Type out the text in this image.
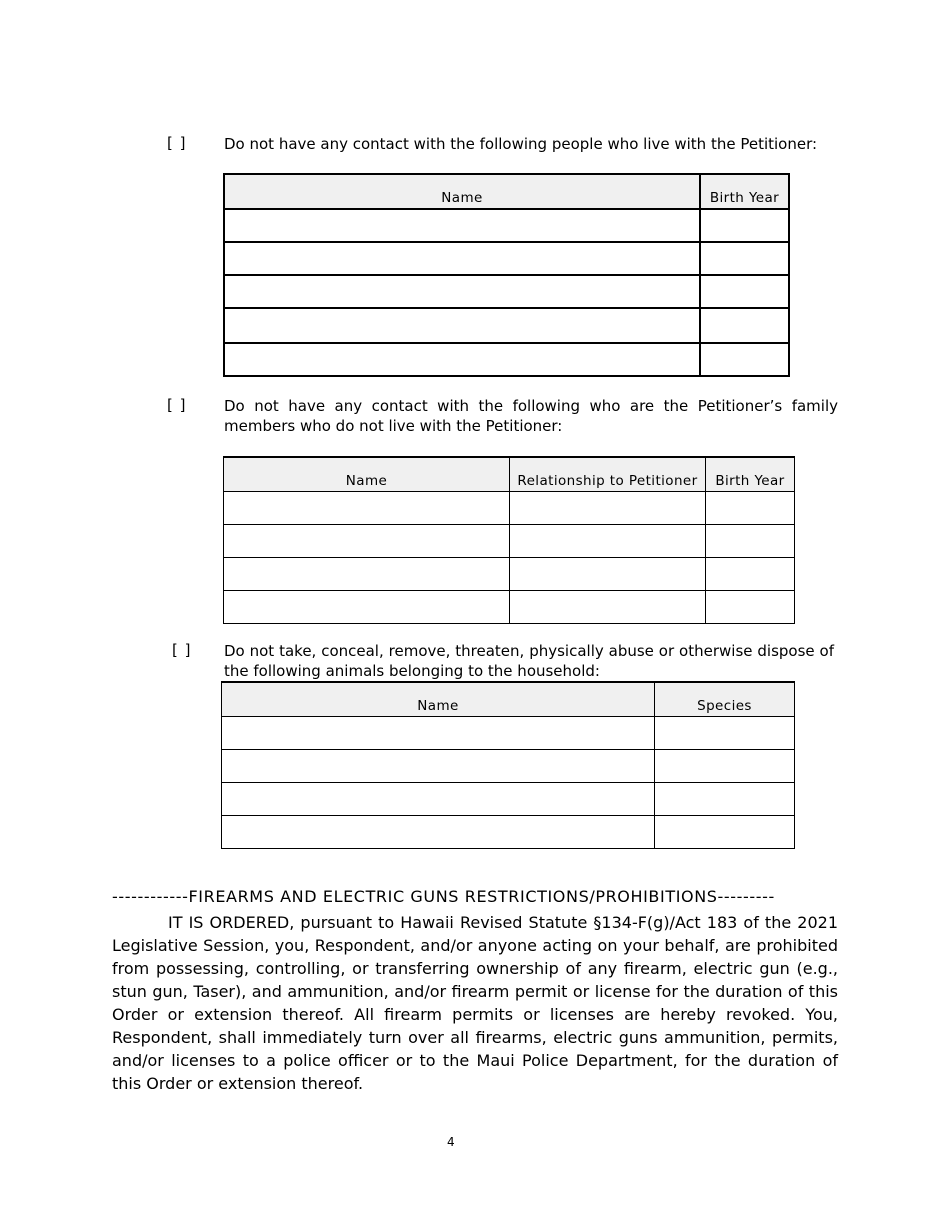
[ ]	Do not have any contact with the following people who live with the Petitioner:
Name	Birth Year

[ ]	Do not have any contact with the following who are the Petitioner’s family members who do not live with the Petitioner:
Name	Relationship to Petitioner	Birth Year

[ ] Do not take, conceal, remove, threaten, physically abuse or otherwise dispose of the following animals belonging to the household:
Name	Species

------------FIREARMS AND ELECTRIC GUNS RESTRICTIONS/PROHIBITIONS---------
IT IS ORDERED, pursuant to Hawaii Revised Statute §134-F(g)/Act 183 of the 2021 Legislative Session, you, Respondent, and/or anyone acting on your behalf, are prohibited from possessing, controlling, or transferring ownership of any firearm, electric gun (e.g., stun gun, Taser), and ammunition, and/or firearm permit or license for the duration of this Order or extension thereof. All firearm permits or licenses are hereby revoked. You, Respondent, shall immediately turn over all firearms, electric guns ammunition, permits, and/or licenses to a police officer or to the Maui Police Department, for the duration of this Order or extension thereof.
4
